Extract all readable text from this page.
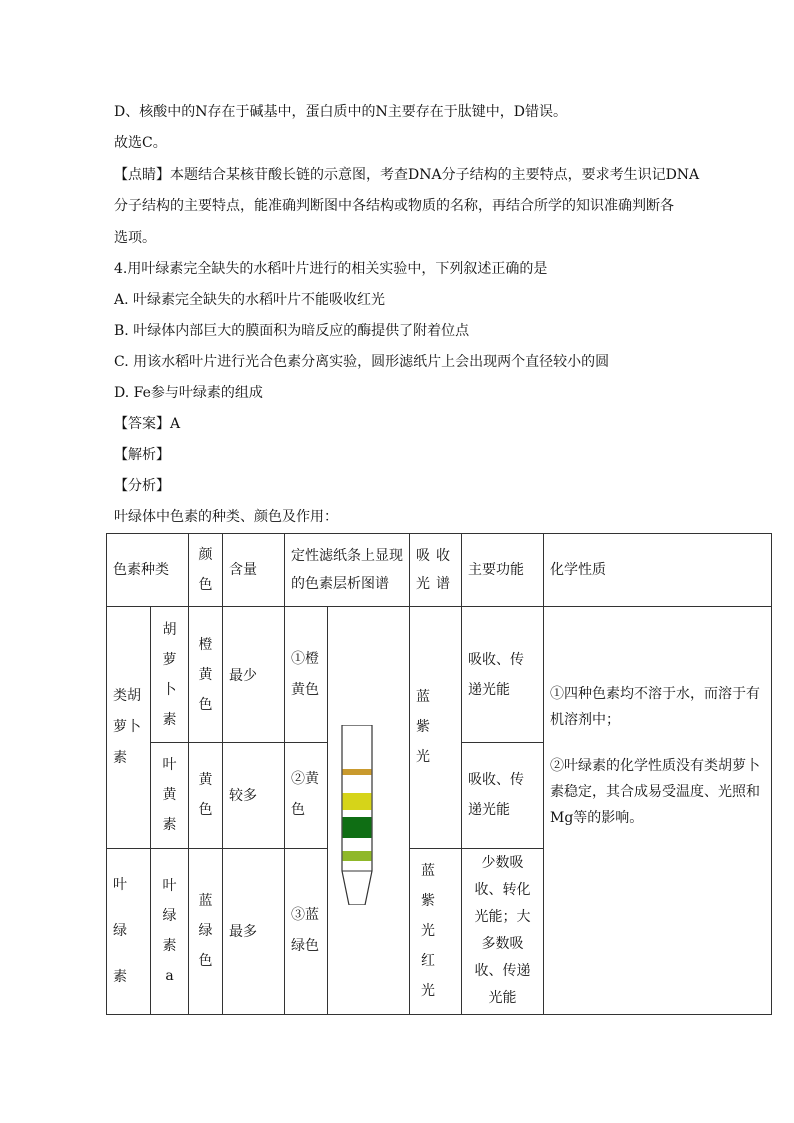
D、核酸中的N存在于碱基中，蛋白质中的N主要存在于肽键中，D错误。
故选C。
【点睛】本题结合某核苷酸长链的示意图，考查DNA分子结构的主要特点，要求考生识记DNA
分子结构的主要特点，能准确判断图中各结构或物质的名称，再结合所学的知识准确判断各
选项。
4.用叶绿素完全缺失的水稻叶片进行的相关实验中，下列叙述正确的是
A. 叶绿素完全缺失的水稻叶片不能吸收红光
B. 叶绿体内部巨大的膜面积为暗反应的酶提供了附着位点
C. 用该水稻叶片进行光合色素分离实验，圆形滤纸片上会出现两个直径较小的圆
D. Fe参与叶绿素的组成
【答案】A
【解析】
【分析】
叶绿体中色素的种类、颜色及作用：
色素种类		颜色	含量	定性滤纸条上显现的色素层析图谱		吸收光谱	主要功能	化学性质

类胡萝卜素	胡萝卜素	橙黄色	最少	①橙黄色		蓝紫光	吸收、传递光能	①四种色素均不溶于水，而溶于有机溶剂中；
②叶绿素的化学性质没有类胡萝卜素稳定，其合成易受温度、光照和Mg等的影响。

	叶黄素	黄色	较多	②黄色			吸收、传递光能	

叶绿素	叶绿素a	蓝绿色	最多	③蓝绿色		蓝紫光 红光	少数吸收、转化光能；大多数吸收、传递光能	
